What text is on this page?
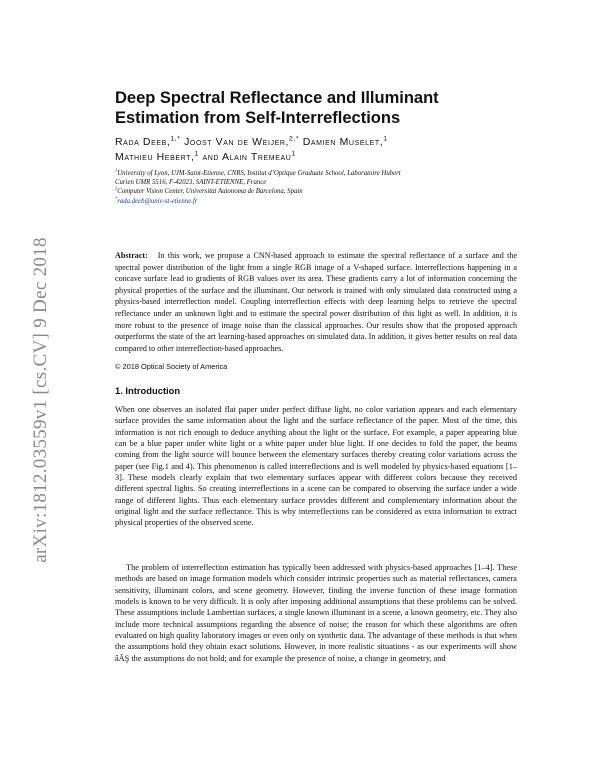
arXiv:1812.03559v1 [cs.CV] 9 Dec 2018
Deep Spectral Reflectance and Illuminant Estimation from Self-Interreflections
Rada Deeb,$^{1,*}$ Joost Van de Weijer,$^{2,*}$ Damien Muselet,$^1$
Mathieu Hebert,$^1$ and Alain Tremeau$^1$
$^1$University of Lyon, UJM-Saint-Etienne, CNRS, Institut d’Optique Graduate School, Laboratoire Hubert
Curien UMR 5516, F-42023, SAINT-ETIENNE, France
$^2$Computer Vision Center, Universitat Autonoma de Barcelona, Spain
*rada.deeb@univ-st-etienne.fr

Abstract: In this work, we propose a CNN-based approach to estimate the spectral reflectance of a surface and the spectral power distribution of the light from a single RGB image of a V-shaped surface. Interreflections happening in a concave surface lead to gradients of RGB values over its area. These gradients carry a lot of information concerning the physical properties of the surface and the illuminant. Our network is trained with only simulated data constructed using a physics-based interreflection model. Coupling interreflection effects with deep learning helps to retrieve the spectral reflectance under an unknown light and to estimate the spectral power distribution of this light as well. In addition, it is more robust to the presence of image noise than the classical approaches. Our results show that the proposed approach outperforms the state of the art learning-based approaches on simulated data. In addition, it gives better results on real data compared to other interreflection-based approaches.

© 2018 Optical Society of America
1. Introduction

When one observes an isolated flat paper under perfect diffuse light, no color variation appears and each elementary surface provides the same information about the light and the surface reflectance of the paper. Most of the time, this information is not rich enough to deduce anything about the light or the surface. For example, a paper appearing blue can be a blue paper under white light or a white paper under blue light. If one decides to fold the paper, the beams coming from the light source will bounce between the elementary surfaces thereby creating color variations across the paper (see Fig.1 and 4). This phenomenon is called interreflections and is well modeled by physics-based equations [1–3]. These models clearly explain that two elementary surfaces appear with different colors because they received different spectral lights. So creating interreflections in a scene can be compared to observing the surface under a wide range of different lights. Thus each elementary surface provides different and complementary information about the original light and the surface reflectance. This is why interreflections can be considered as extra information to extract physical properties of the observed scene.

The problem of interreflection estimation has typically been addressed with physics-based approaches [1–4]. These methods are based on image formation models which consider intrinsic properties such as material reflectances, camera sensitivity, illuminant colors, and scene geometry. However, finding the inverse function of these image formation models is known to be very difficult. It is only after imposing additional assumptions that these problems can be solved. These assumptions include Lambertian surfaces, a single known illuminant in a scene, a known geometry, etc. They also include more technical assumptions regarding the absence of noise; the reason for which these algorithms are often evaluated on high quality laboratory images or even only on synthetic data. The advantage of these methods is that when the assumptions hold they obtain exact solutions. However, in more realistic situations - as our experiments will show âĂŞ the assumptions do not hold; and for example the presence of noise, a change in geometry, and
